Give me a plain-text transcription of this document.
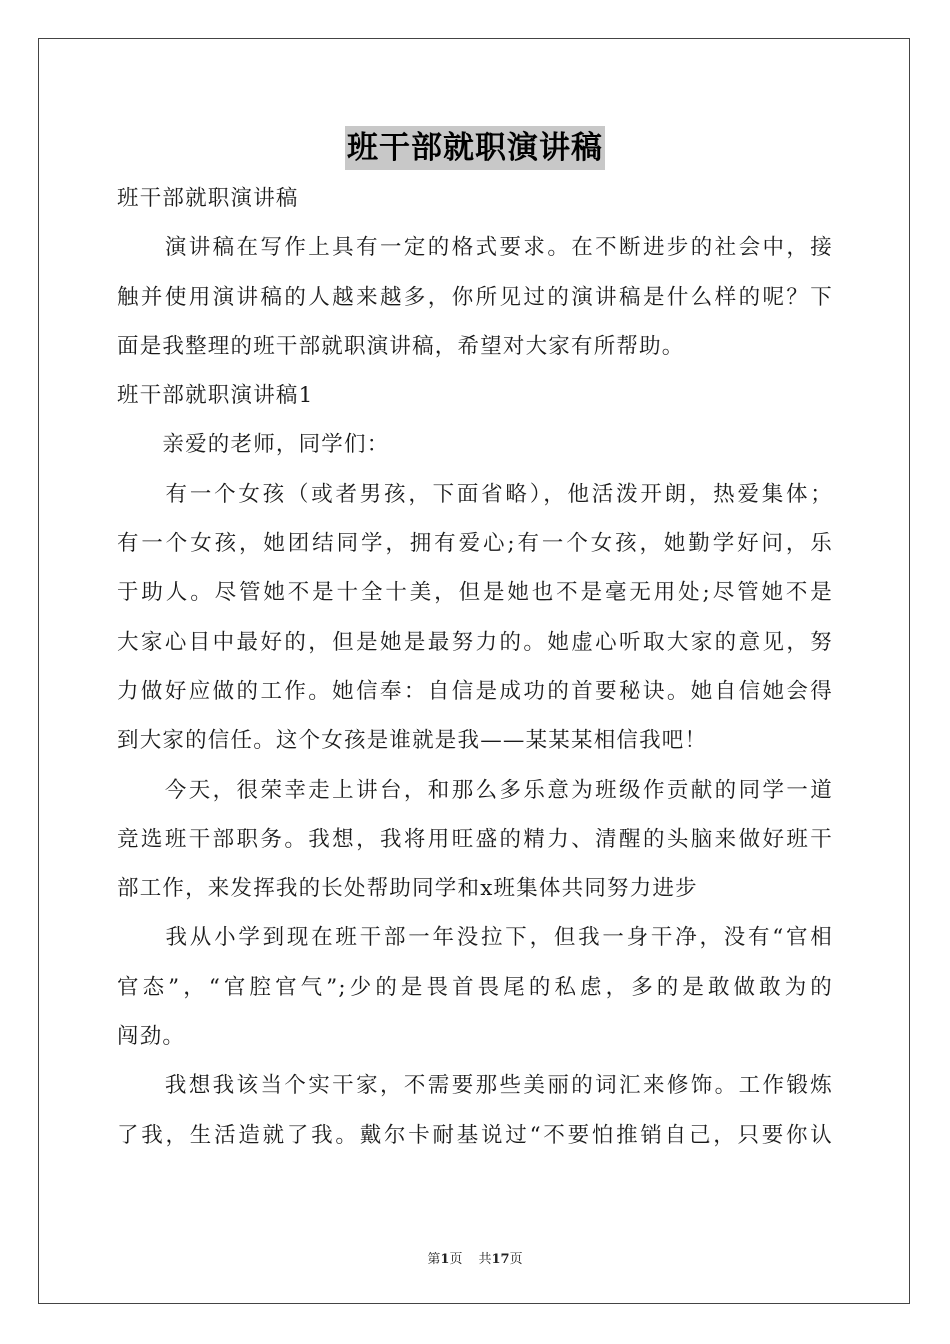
班干部就职演讲稿
班干部就职演讲稿
　　演讲稿在写作上具有一定的格式要求。在不断进步的社会中，接
触并使用演讲稿的人越来越多，你所见过的演讲稿是什么样的呢？下
面是我整理的班干部就职演讲稿，希望对大家有所帮助。
班干部就职演讲稿1
　　亲爱的老师，同学们：
　　有一个女孩（或者男孩，下面省略），他活泼开朗，热爱集体；
有一个女孩，她团结同学，拥有爱心;有一个女孩，她勤学好问，乐
于助人。尽管她不是十全十美，但是她也不是毫无用处;尽管她不是
大家心目中最好的，但是她是最努力的。她虚心听取大家的意见，努
力做好应做的工作。她信奉：自信是成功的首要秘诀。她自信她会得
到大家的信任。这个女孩是谁就是我——某某某相信我吧！
　　今天，很荣幸走上讲台，和那么多乐意为班级作贡献的同学一道
竞选班干部职务。我想，我将用旺盛的精力、清醒的头脑来做好班干
部工作，来发挥我的长处帮助同学和x班集体共同努力进步
　　我从小学到现在班干部一年没拉下，但我一身干净，没有“官相
官态”，“官腔官气”;少的是畏首畏尾的私虑，多的是敢做敢为的
闯劲。
　　我想我该当个实干家，不需要那些美丽的词汇来修饰。工作锻炼
了我，生活造就了我。戴尔卡耐基说过“不要怕推销自己，只要你认
第1页 共17页
